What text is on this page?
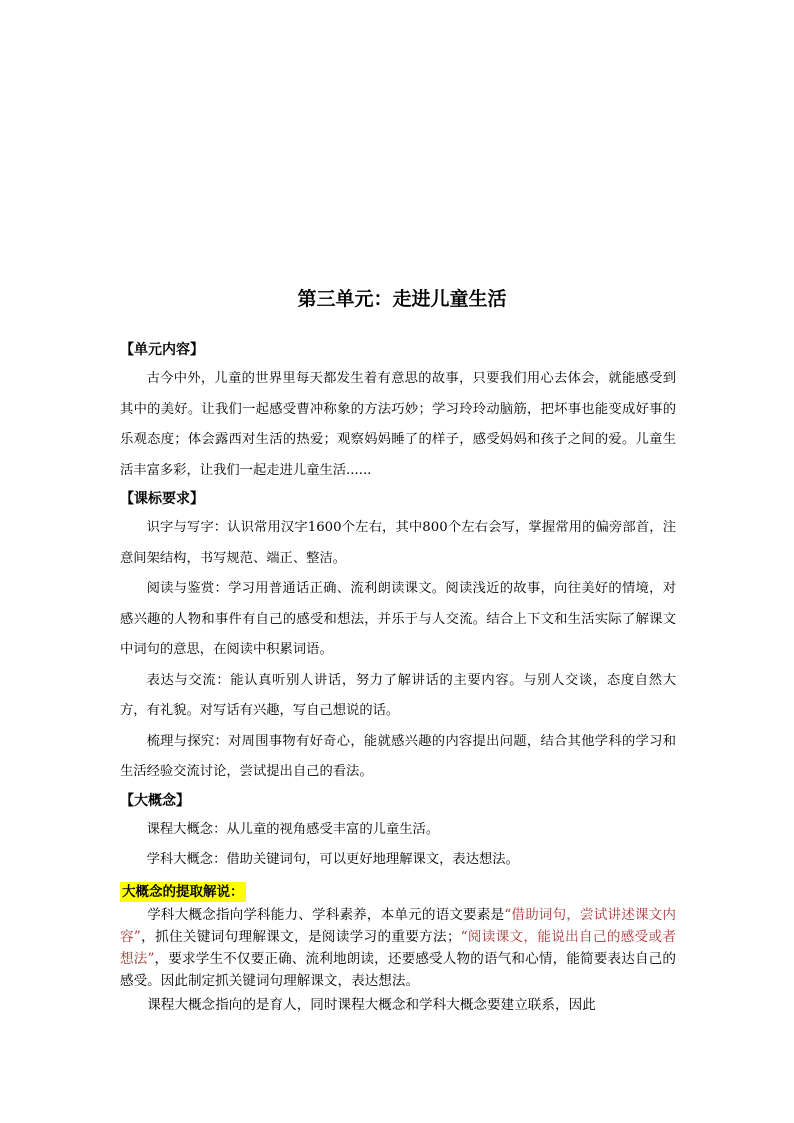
第三单元：走进儿童生活

【单元内容】

古今中外，儿童的世界里每天都发生着有意思的故事，只要我们用心去体会，就能感受到其中的美好。让我们一起感受曹冲称象的方法巧妙；学习玲玲动脑筋，把坏事也能变成好事的乐观态度；体会露西对生活的热爱；观察妈妈睡了的样子，感受妈妈和孩子之间的爱。儿童生活丰富多彩，让我们一起走进儿童生活......

【课标要求】

识字与写字：认识常用汉字1600个左右，其中800个左右会写，掌握常用的偏旁部首，注意间架结构，书写规范、端正、整洁。

阅读与鉴赏：学习用普通话正确、流利朗读课文。阅读浅近的故事，向往美好的情境，对感兴趣的人物和事件有自己的感受和想法，并乐于与人交流。结合上下文和生活实际了解课文中词句的意思，在阅读中积累词语。

表达与交流：能认真听别人讲话，努力了解讲话的主要内容。与别人交谈，态度自然大方，有礼貌。对写话有兴趣，写自己想说的话。

梳理与探究：对周围事物有好奇心，能就感兴趣的内容提出问题，结合其他学科的学习和生活经验交流讨论，尝试提出自己的看法。

【大概念】

课程大概念：从儿童的视角感受丰富的儿童生活。

学科大概念：借助关键词句，可以更好地理解课文，表达想法。

大概念的提取解说：

学科大概念指向学科能力、学科素养，本单元的语文要素是“借助词句，尝试讲述课文内容”，抓住关键词句理解课文，是阅读学习的重要方法；“阅读课文，能说出自己的感受或者想法”，要求学生不仅要正确、流利地朗读，还要感受人物的语气和心情，能简要表达自己的感受。因此制定抓关键词句理解课文，表达想法。

课程大概念指向的是育人，同时课程大概念和学科大概念要建立联系，因此
